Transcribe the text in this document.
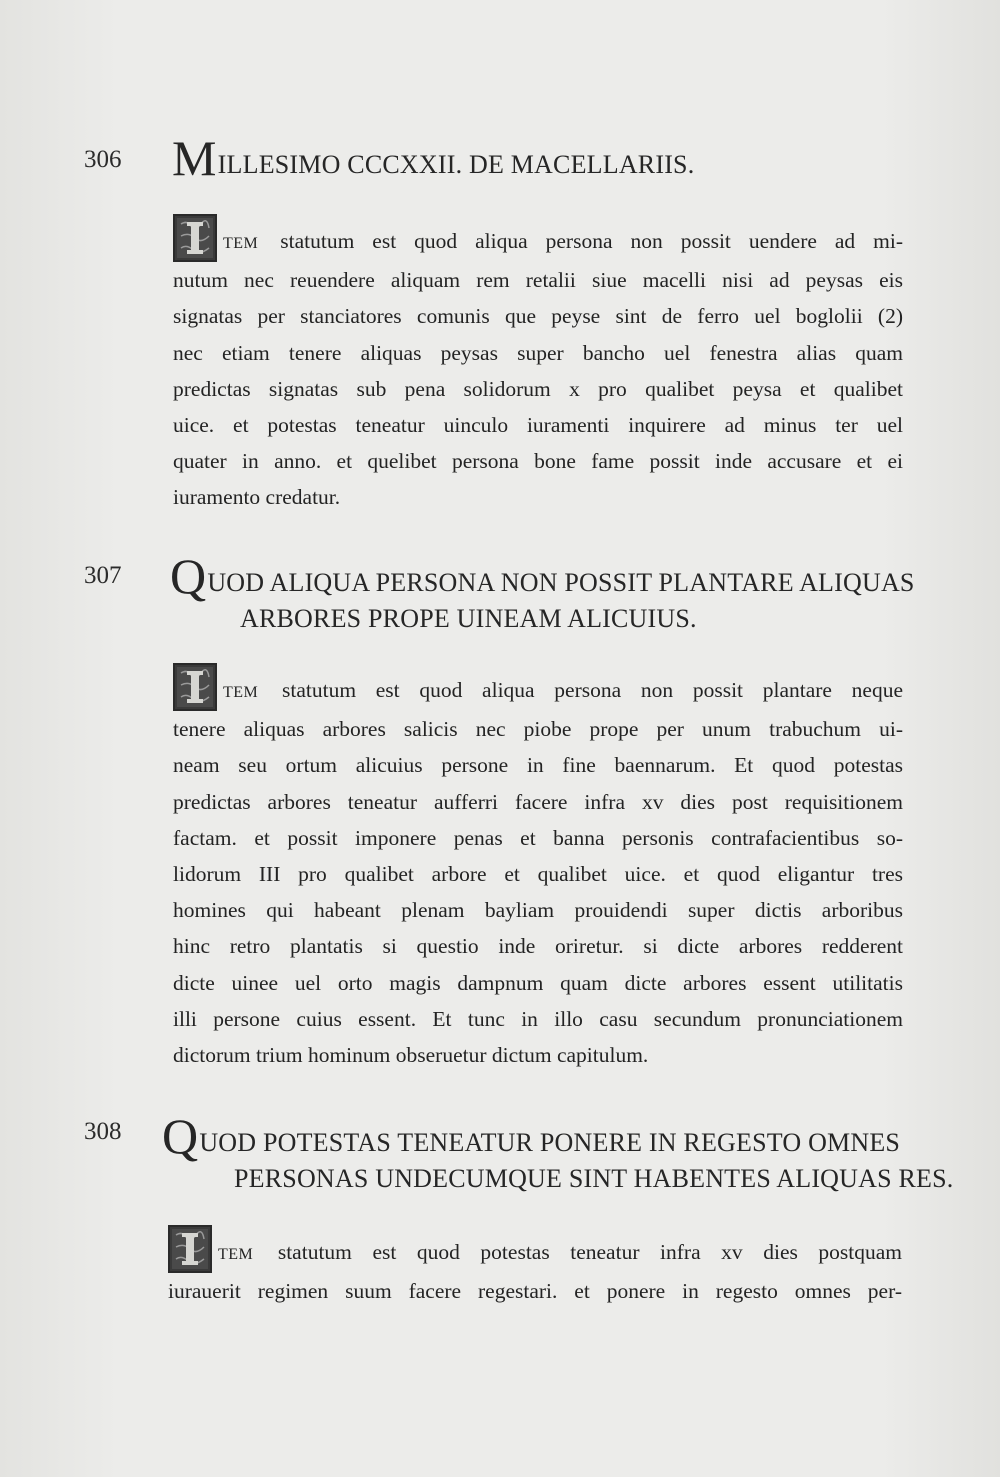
306 MILLESIMO CCCXXII. DE MACELLARIIS.
TEM statutum est quod aliqua persona non possit uendere ad mi-
nutum nec reuendere aliquam rem retalii siue macelli nisi ad peysas eis
signatas per stanciatores comunis que peyse sint de ferro uel boglolii (2)
nec etiam tenere aliquas peysas super bancho uel fenestra alias quam
predictas signatas sub pena solidorum x pro qualibet peysa et qualibet
uice. et potestas teneatur uinculo iuramenti inquirere ad minus ter uel
quater in anno. et quelibet persona bone fame possit inde accusare et ei
iuramento credatur.
307 QUOD ALIQUA PERSONA NON POSSIT PLANTARE ALIQUAS
ARBORES PROPE UINEAM ALICUIUS.
TEM statutum est quod aliqua persona non possit plantare neque
tenere aliquas arbores salicis nec piobe prope per unum trabuchum ui-
neam seu ortum alicuius persone in fine baennarum. Et quod potestas
predictas arbores teneatur aufferri facere infra xv dies post requisitionem
factam. et possit imponere penas et banna personis contrafacientibus so-
lidorum III pro qualibet arbore et qualibet uice. et quod eligantur tres
homines qui habeant plenam bayliam prouidendi super dictis arboribus
hinc retro plantatis si questio inde oriretur. si dicte arbores redderent
dicte uinee uel orto magis dampnum quam dicte arbores essent utilitatis
illi persone cuius essent. Et tunc in illo casu secundum pronunciationem
dictorum trium hominum obseruetur dictum capitulum.
308 QUOD POTESTAS TENEATUR PONERE IN REGESTO OMNES
PERSONAS UNDECUMQUE SINT HABENTES ALIQUAS RES.
TEM statutum est quod potestas teneatur infra xv dies postquam
iurauerit regimen suum facere regestari. et ponere in regesto omnes per-
